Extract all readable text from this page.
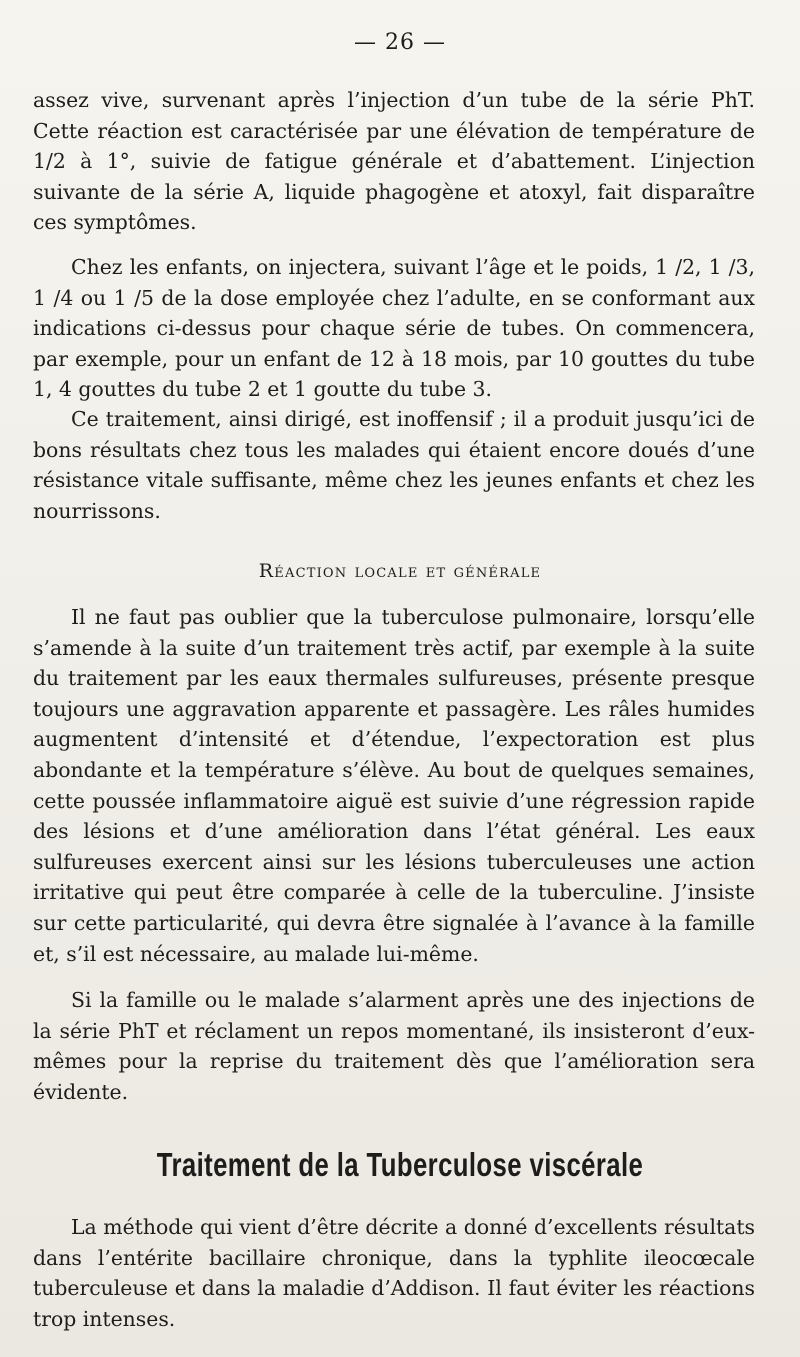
— 26 —

assez vive, survenant après l’injection d’un tube de la série PhT. Cette réaction est caractérisée par une élévation de température de 1/2 à 1°, suivie de fatigue générale et d’abattement. L’injection suivante de la série A, liquide phagogène et atoxyl, fait disparaître ces symptômes.

Chez les enfants, on injectera, suivant l’âge et le poids, 1 /2, 1 /3, 1 /4 ou 1 /5 de la dose employée chez l’adulte, en se conformant aux indications ci-dessus pour chaque série de tubes. On commencera, par exemple, pour un enfant de 12 à 18 mois, par 10 gouttes du tube 1, 4 gouttes du tube 2 et 1 goutte du tube 3.

Ce traitement, ainsi dirigé, est inoffensif ; il a produit jusqu’ici de bons résultats chez tous les malades qui étaient encore doués d’une résistance vitale suffisante, même chez les jeunes enfants et chez les nourrissons.

Réaction locale et générale

Il ne faut pas oublier que la tuberculose pulmonaire, lorsqu’elle s’amende à la suite d’un traitement très actif, par exemple à la suite du traitement par les eaux thermales sulfureuses, présente presque toujours une aggravation apparente et passagère. Les râles humides augmentent d’intensité et d’étendue, l’expectoration est plus abondante et la température s’élève. Au bout de quelques semaines, cette poussée inflammatoire aiguë est suivie d’une régression rapide des lésions et d’une amélioration dans l’état général. Les eaux sulfureuses exercent ainsi sur les lésions tuberculeuses une action irritative qui peut être comparée à celle de la tuberculine. J’insiste sur cette particularité, qui devra être signalée à l’avance à la famille et, s’il est nécessaire, au malade lui-même.

Si la famille ou le malade s’alarment après une des injections de la série PhT et réclament un repos momentané, ils insisteront d’eux-mêmes pour la reprise du traitement dès que l’amélioration sera évidente.

Traitement de la Tuberculose viscérale

La méthode qui vient d’être décrite a donné d’excellents résultats dans l’entérite bacillaire chronique, dans la typhlite ileocœcale tuberculeuse et dans la maladie d’Addison. Il faut éviter les réactions trop intenses.
